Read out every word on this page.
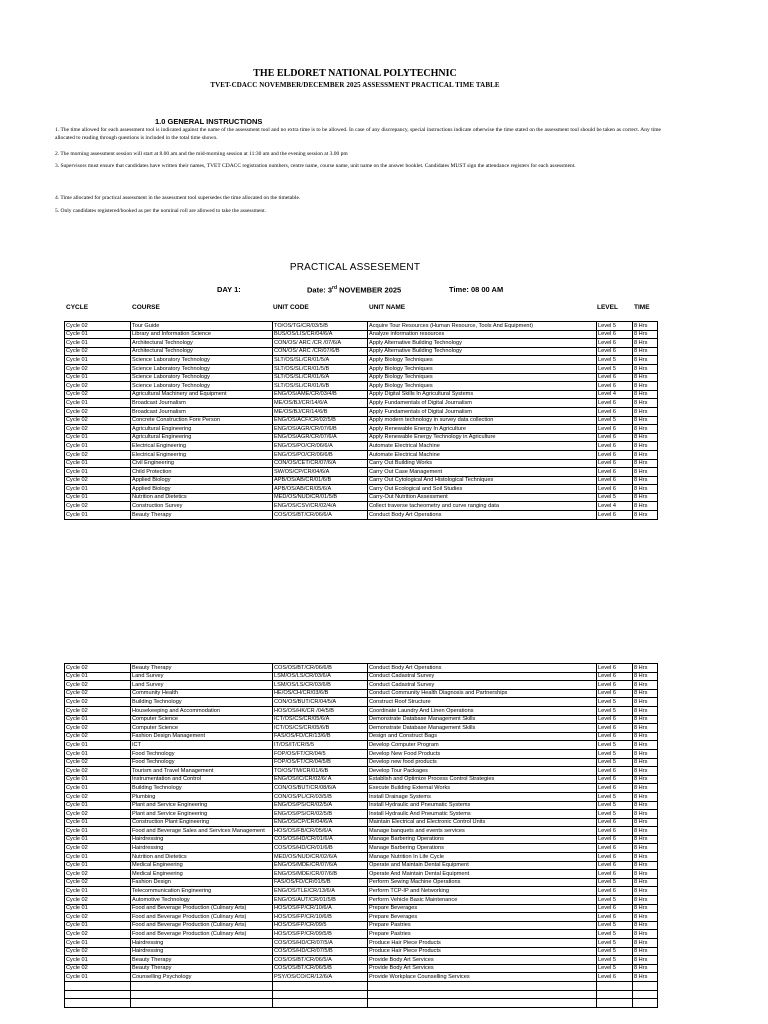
THE ELDORET NATIONAL POLYTECHNIC
TVET-CDACC NOVEMBER/DECEMBER 2025 ASSESSMENT PRACTICAL TIME TABLE
1.0 GENERAL INSTRUCTIONS
1. The time allowed for each assessment tool is indicated against the name of the assessment tool and no extra time is to be allowed. In case of any discrepancy, special instructions indicate otherwise the time stated on the assessment tool should be taken as correct. Any time allocated to reading through questions is included in the total time shown.
2. The morning assessment session will start at 8.00 am and the mid-morning session at 11:30 am and the evening session at 3.00 pm
3. Supervisors must ensure that candidates have written their names, TVET CDACC registration numbers, centre name, course name, unit name on the answer booklet. Candidates MUST sign the attendance registers for each assessment.
4. Time allocated for practical assessment in the assessment tool supersedes the time allocated on the timetable.
5. Only candidates registered/booked as per the nominal roll are allowed to take the assessment.
PRACTICAL ASSESEMENT
DAY 1:	Date: 3rd NOVEMBER 2025	Time: 08 00 AM
CYCLE	COURSE	UNIT CODE	UNIT NAME	LEVEL TIME
Cycle 02	Tour Guide	TO/OS/TG/CR/03/5/B	Acquire Tour Resources (Human Resource, Tools And Equipment)	Level 5	8 Hrs
Cycle 01	Library and Information Science	BUS/OS/LIS/CR/04/6/A	Analyze information resources	Level 6	8 Hrs
Cycle 01	Architectural Technology	CON/OS/ ARC /CR /07/6/A	Apply Alternative Building Technology	Level 6	8 Hrs
Cycle 02	Architectural Technology	CON/OS/ ARC /CR/07/6/B	Apply Alternative Building Technology	Level 6	8 Hrs
Cycle 01	Science Laboratory Technology	SLT/OS/SL/CR/01/5/A	Apply Biology Techniques	Level 5	8 Hrs
Cycle 02	Science Laboratory Technology	SLT/OS/SL/CR/01/5/B	Apply Biology Techniques	Level 5	8 Hrs
Cycle 01	Science Laboratory Technology	SLT/OS/SL/CR/01/6/A	Apply Biology Techniques	Level 6	8 Hrs
Cycle 02	Science Laboratory Technology	SLT/OS/SL/CR/01/6/B	Apply Biology Techniques	Level 6	8 Hrs
Cycle 02	Agricultural Machinery and Equipment	ENG/OS/AME/CR/03/4/B	Apply Digital Skills In Agricultural Systems	Level 4	8 Hrs
Cycle 01	Broadcast Journalism	ME/OS/BJ/CR/14/6/A	Apply Fundamentals of Digital Journalism	Level 6	8 Hrs
Cycle 02	Broadcast Journalism	ME/OS/BJ/CR/14/6/B	Apply Fundamentals of Digital Journalism	Level 6	8 Hrs
Cycle 02	Concrete Construction Fore Person	ENG/OS/ACF/CR/02/5/B	Apply modern technology in survey data collection	Level 5	8 Hrs
Cycle 02	Agricultural Engineering	ENG/OS/AGR/CR/07/6/B	Apply Renewable Energy In Agriculture	Level 6	8 Hrs
Cycle 01	Agricultural Engineering	ENG/OS/AGR/CR/07/6/A	Apply Renewable Energy Technology in Agriculture	Level 6	8 Hrs
Cycle 01	Electrical Engineering	ENG/OS/PO/CR/06/6/A	Automate Electrical Machine	Level 6	8 Hrs
Cycle 02	Electrical Engineering	ENG/OS/PO/CR/06/6/B	Automate Electrical Machine	Level 6	8 Hrs
Cycle 01	Civil Engineering	CON/OS/CET/CR/07/6/A	Carry Out Building Works	Level 6	8 Hrs
Cycle 01	Child Protection	SW/OS/CP/CR/04/6/A	Carry Out Case Management	Level 6	8 Hrs
Cycle 02	Applied Biology	APB/OS/AB/CR/01/6/B	Carry Out Cytological And Histological Techniques	Level 6	8 Hrs
Cycle 01	Applied Biology	APB/OS/AB/CR/05/6/A	Carry Out Ecological and Soil Studies	Level 6	8 Hrs
Cycle 01	Nutrition and Dietetics	MED/OS/NUD/CR/01/5/B	Carry-Out Nutrition Assessment	Level 5	8 Hrs
Cycle 02	Construction Survey	ENG/OS/CSV/CR/02/4/A	Collect traverse tacheometry and curve ranging data	Level 4	8 Hrs
Cycle 01	Beauty Therapy	COS/OS/BT/CR/06/6/A	Conduct Body Art Operations	Level 6	8 Hrs
Cycle 02	Beauty Therapy	COS/OS/BT/CR/06/6/B	Conduct Body Art Operations	Level 6	8 Hrs
Cycle 01	Land Survey	LSM/OS/LS/CR/03/6/A	Conduct Cadastral Survey	Level 6	8 Hrs
Cycle 02	Land Survey	LSM/OS/LS/CR/03/6/B	Conduct Cadastral Survey	Level 6	8 Hrs
Cycle 02	Community Health	HE/OS/CH/CR/03/6/B	Conduct Community Health Diagnosis and Partnerships	Level 6	8 Hrs
Cycle 02	Building Technology	CON/OS/BUT/CR/04/5/A	Construct Roof Structure	Level 5	8 Hrs
Cycle 02	Housekeeping and Accommodation	HOS/OS/HK/CR /04/5/B	Coordinate Laundry And Linen Operations	Level 5	8 Hrs
Cycle 01	Computer Science	ICT/OS/CS/CR/05/6/A	Demonstrate Database Management Skills	Level 6	8 Hrs
Cycle 02	Computer Science	ICT/OS/CS/CR/05/6/B	Demonstrate Database Management Skills	Level 6	8 Hrs
Cycle 02	Fashion Design Management	FAS/OS/FD/CR/13/6/B	Design and Construct Bags	Level 6	8 Hrs
Cycle 01	ICT	IT/OS/IT/CR/5/5	Develop Computer Program	Level 5	8 Hrs
Cycle 01	Food Technology	FOP/OS/FT/CR/04/5	Develop New Food Products	Level 5	8 Hrs
Cycle 02	Food Technology	FOP/OS/FT/CR/04/5/B	Develop new food products	Level 5	8 Hrs
Cycle 02	Tourism and Travel Management	TO/OS/TM/CR/01/6/B	Develop Tour Packages	Level 6	8 Hrs
Cycle 01	Instrumentation and Control	ENG/OS/IC/CR/02/6/ A	Establish and Optimize Process Control Strategies	Level 6	8 Hrs
Cycle 01	Building Technology	CON/OS/BUT/CR/08/6/A	Execute Building External Works	Level 6	8 Hrs
Cycle 02	Plumbing	CON/OS/PL/CR/03/5/B	Install Drainage Systems	Level 5	8 Hrs
Cycle 01	Plant and Service Engineering	ENG/OS/PS/CR/02/5/A	Install Hydraulic and Pneumatic Systems	Level 5	8 Hrs
Cycle 02	Plant and Service Engineering	ENG/OS/PS/CR/02/5/B	Install Hydraulic And Pneumatic Systems	Level 5	8 Hrs
Cycle 01	Construction Plant Engineering	ENG/OS/CP/CR/04/6/A	Maintain Electrical and Electronic Control Units	Level 6	8 Hrs
Cycle 01	Food and Beverage Sales and Services Management	HOS/OS/FB/CR/05/6/A	Manage banquets and events services	Level 6	8 Hrs
Cycle 01	Hairdressing	COS/OS/HD/CR/01/6/A	Manage Barbering Operations	Level 6	8 Hrs
Cycle 02	Hairdressing	COS/OS/HD/CR/01/6/B	Manage Barbering Operations	Level 6	8 Hrs
Cycle 01	Nutrition and Dietetics	MED/OS/NUD/CR/02/6/A	Manage Nutrition In Life Cycle	Level 6	8 Hrs
Cycle 01	Medical Engineering	ENG/OS/MDE/CR/07/6/A	Operate and Maintain Dental Equipment	Level 6	8 Hrs
Cycle 02	Medical Engineering	ENG/OS/MDE/CR/07/6/B	Operate And Maintain Dental Equipment	Level 6	8 Hrs
Cycle 02	Fashion Design	FAS/OS/FD/CR/01/5/B	Perform Sewing Machine Operations	Level 5	8 Hrs
Cycle 01	Telecommunication Engineering	ENG/OS/TLE/CR/13/6/A	Perform TCP-IP and Networking	Level 6	8 Hrs
Cycle 02	Automotive Technology	ENG/OS/AUT/CR/01/5/B	Perform Vehicle Basic Maintenance	Level 5	8 Hrs
Cycle 01	Food and Beverage Production (Culinary Arts)	HOS/OS/FP/CR/10/6/A	Prepare Beverages	Level 6	8 Hrs
Cycle 02	Food and Beverage Production (Culinary Arts)	HOS/OS/FP/CR/10/6/B	Prepare Beverages	Level 6	8 Hrs
Cycle 01	Food and Beverage Production (Culinary Arts)	HOS/OS/FP/CR/09/5	Prepare Pastries	Level 5	8 Hrs
Cycle 02	Food and Beverage Production (Culinary Arts)	HOS/OS/FP/CR/09/5/B	Prepare Pastries	Level 5	8 Hrs
Cycle 01	Hairdressing	COS/OS/HD/CR/07/5/A	Produce Hair Piece Products	Level 5	8 Hrs
Cycle 02	Hairdressing	COS/OS/HD/CR/07/5/B	Produce Hair Piece Products	Level 5	8 Hrs
Cycle 01	Beauty Therapy	COS/OS/BT/CR/06/5/A	Provide Body Art Services	Level 5	8 Hrs
Cycle 02	Beauty Therapy	COS/OS/BT/CR/06/5/B	Provide Body Art Services	Level 5	8 Hrs
Cycle 01	Counselling Psychology	PSY/OS/CO/CR/12/6/A	Provide Workplace Counselling Services	Level 6	8 Hrs
